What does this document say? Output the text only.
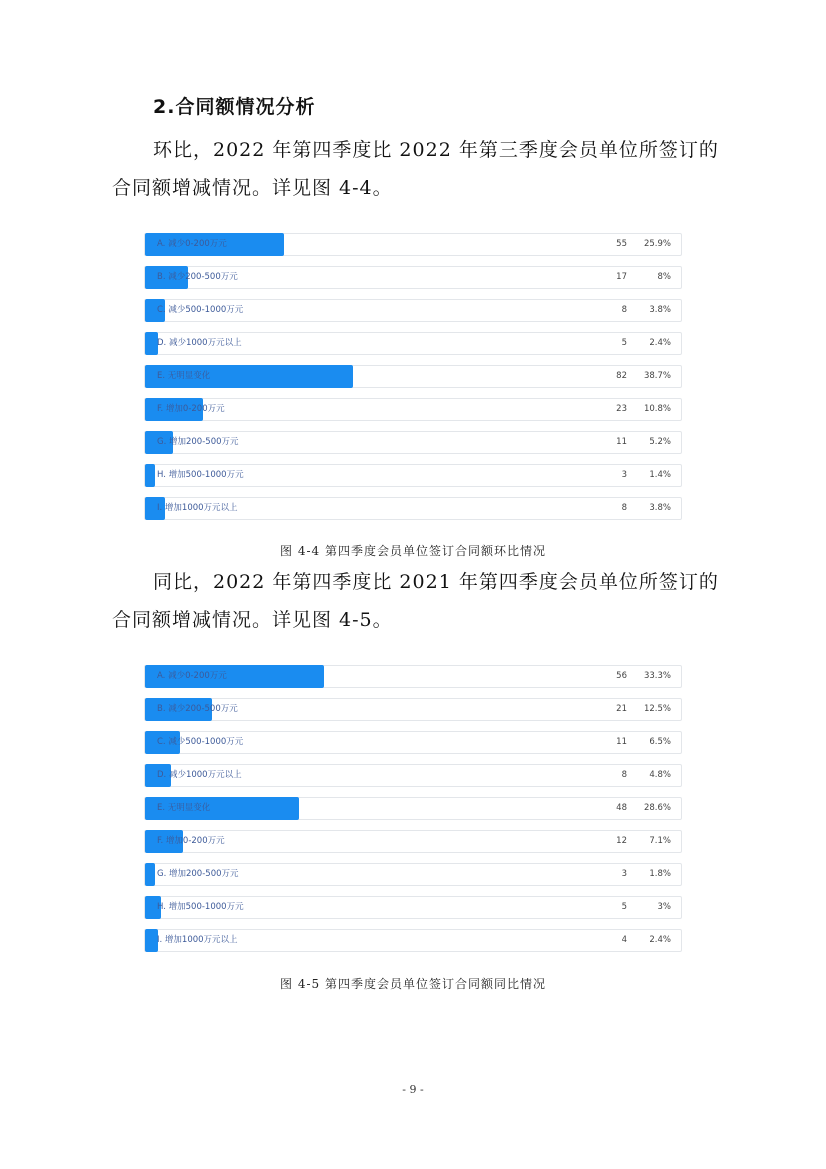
2.合同额情况分析

环比，2022 年第四季度比 2022 年第三季度会员单位所签订的合同额增减情况。详见图 4-4。

A. 减少0-200万元	55	25.9%
B. 减少200-500万元	17	8%
C. 减少500-1000万元	8	3.8%
D. 减少1000万元以上	5	2.4%
E. 无明显变化	82	38.7%
F. 增加0-200万元	23	10.8%
G. 增加200-500万元	11	5.2%
H. 增加500-1000万元	3	1.4%
I. 增加1000万元以上	8	3.8%
图 4-4 第四季度会员单位签订合同额环比情况

同比，2022 年第四季度比 2021 年第四季度会员单位所签订的合同额增减情况。详见图 4-5。

A. 减少0-200万元	56	33.3%
B. 减少200-500万元	21	12.5%
C. 减少500-1000万元	11	6.5%
D. 减少1000万元以上	8	4.8%
E. 无明显变化	48	28.6%
F. 增加0-200万元	12	7.1%
G. 增加200-500万元	3	1.8%
H. 增加500-1000万元	5	3%
I. 增加1000万元以上	4	2.4%
图 4-5 第四季度会员单位签订合同额同比情况
- 9 -
